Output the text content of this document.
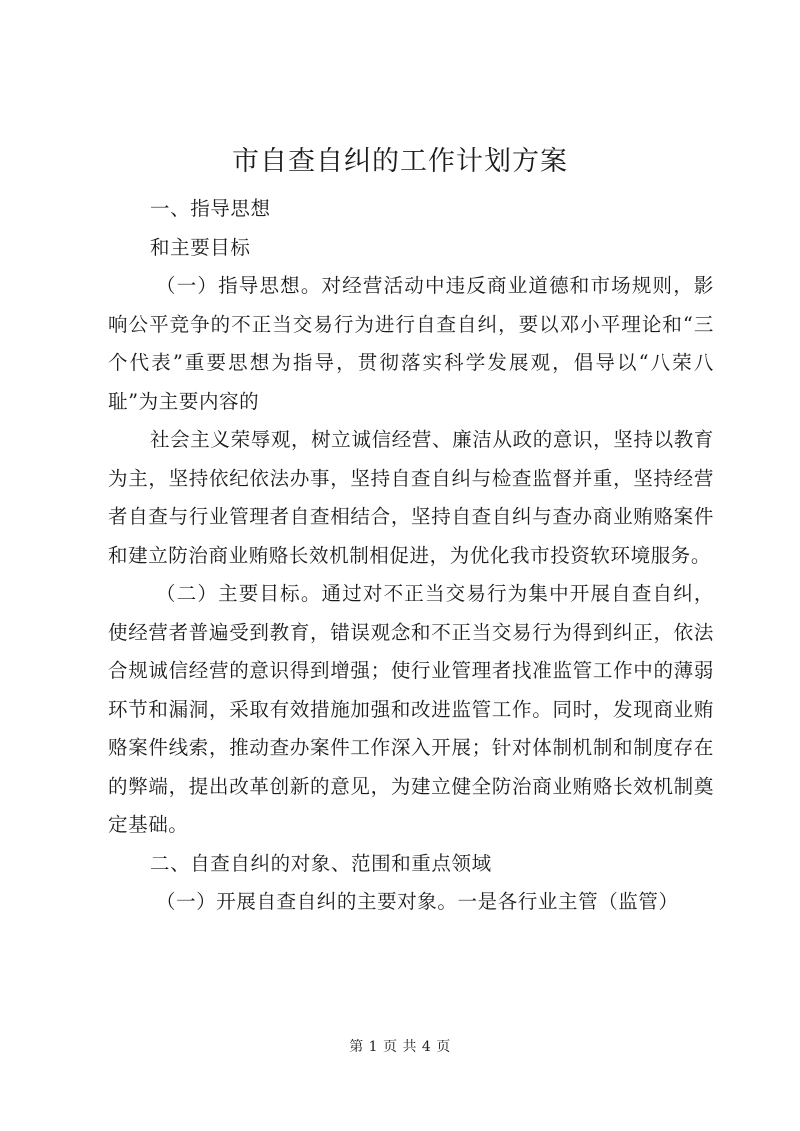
市自查自纠的工作计划方案

一、指导思想

和主要目标

（一）指导思想。对经营活动中违反商业道德和市场规则，影响公平竞争的不正当交易行为进行自查自纠，要以邓小平理论和“三个代表”重要思想为指导，贯彻落实科学发展观，倡导以“八荣八耻”为主要内容的

社会主义荣辱观，树立诚信经营、廉洁从政的意识，坚持以教育为主，坚持依纪依法办事，坚持自查自纠与检查监督并重，坚持经营者自查与行业管理者自查相结合，坚持自查自纠与查办商业贿赂案件和建立防治商业贿赂长效机制相促进，为优化我市投资软环境服务。

（二）主要目标。通过对不正当交易行为集中开展自查自纠，使经营者普遍受到教育，错误观念和不正当交易行为得到纠正，依法合规诚信经营的意识得到增强；使行业管理者找准监管工作中的薄弱环节和漏洞，采取有效措施加强和改进监管工作。同时，发现商业贿赂案件线索，推动查办案件工作深入开展；针对体制机制和制度存在的弊端，提出改革创新的意见，为建立健全防治商业贿赂长效机制奠定基础。

二、自查自纠的对象、范围和重点领域

（一）开展自查自纠的主要对象。一是各行业主管（监管）

第 1 页 共 4 页
